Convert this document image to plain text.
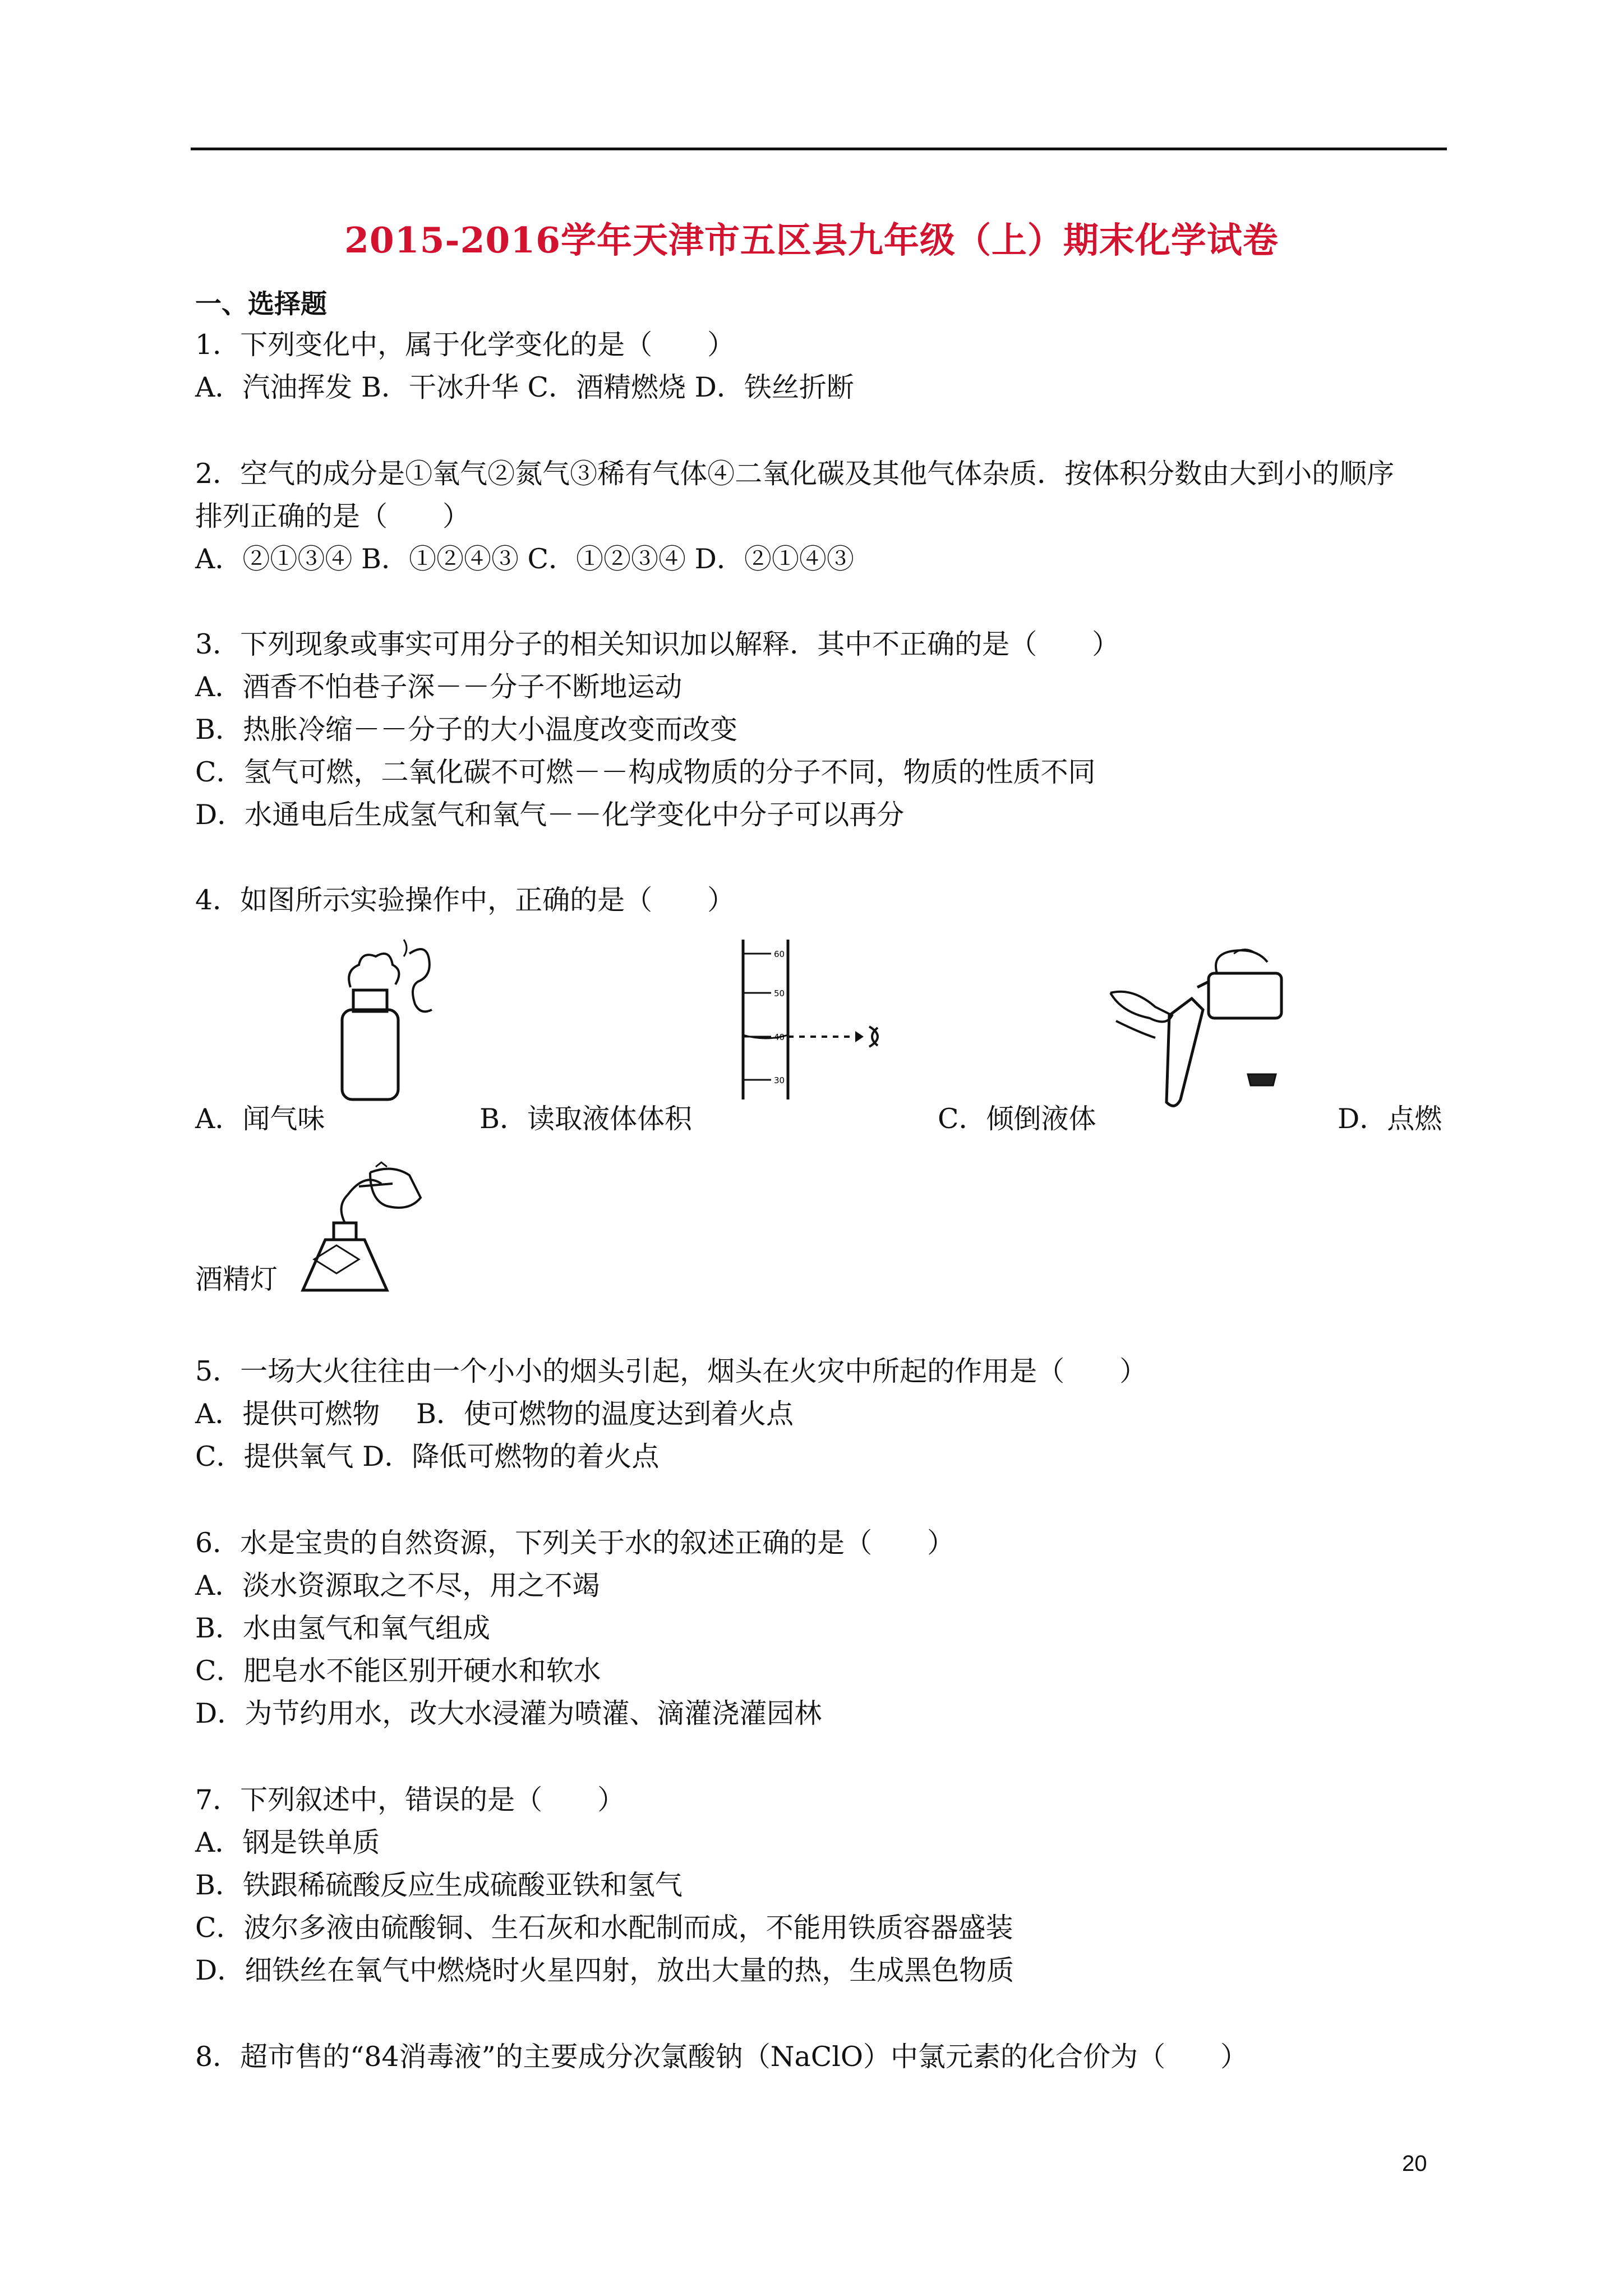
2015-2016学年天津市五区县九年级（上）期末化学试卷
一、选择题
1．下列变化中，属于化学变化的是（　　）
A．汽油挥发 B．干冰升华 C．酒精燃烧 D．铁丝折断
2．空气的成分是①氧气②氮气③稀有气体④二氧化碳及其他气体杂质．按体积分数由大到小的顺序
排列正确的是（　　）
A．②①③④ B．①②④③ C．①②③④ D．②①④③
3．下列现象或事实可用分子的相关知识加以解释．其中不正确的是（　　）
A．酒香不怕巷子深－－分子不断地运动
B．热胀冷缩－－分子的大小温度改变而改变
C．氢气可燃，二氧化碳不可燃－－构成物质的分子不同，物质的性质不同
D．水通电后生成氢气和氧气－－化学变化中分子可以再分
4．如图所示实验操作中，正确的是（　　）
60
50
40
30
A．闻气味	B．读取液体体积	C．倾倒液体	D．点燃
酒精灯
5．一场大火往往由一个小小的烟头引起，烟头在火灾中所起的作用是（　　）
A．提供可燃物　 B．使可燃物的温度达到着火点
C．提供氧气 D．降低可燃物的着火点
6．水是宝贵的自然资源，下列关于水的叙述正确的是（　　）
A．淡水资源取之不尽，用之不竭
B．水由氢气和氧气组成
C．肥皂水不能区别开硬水和软水
D．为节约用水，改大水浸灌为喷灌、滴灌浇灌园林
7．下列叙述中，错误的是（　　）
A．钢是铁单质
B．铁跟稀硫酸反应生成硫酸亚铁和氢气
C．波尔多液由硫酸铜、生石灰和水配制而成，不能用铁质容器盛装
D．细铁丝在氧气中燃烧时火星四射，放出大量的热，生成黑色物质
8．超市售的“84消毒液”的主要成分次氯酸钠（NaClO）中氯元素的化合价为（　　）
20
